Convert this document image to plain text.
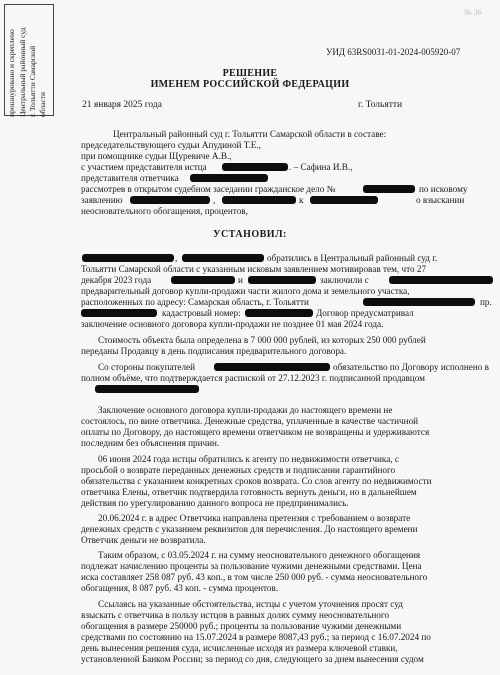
прошнуровано и скреплено Центральный районный суд г. Тольятти Самарской области
№ 36
УИД 63RS0031-01-2024-005920-07
РЕШЕНИЕ
ИМЕНЕМ РОССИЙСКОЙ ФЕДЕРАЦИИ
21 января 2025 года	г. Тольятти
Центральный районный суд г. Тольятти Самарской области в составе:
председательствующего судьи Апудиной Т.Е.,
при помощнике судьи Щуревиче А.В.,
с участием представителя истца	. – Сафина И.В.,
представителя ответчика
рассмотрев в открытом судебном заседании гражданское дело №	по исковому
заявлению	,	к	о взыскании
неосновательного обогащения, процентов,
УСТАНОВИЛ:
,	обратились в Центральный районный суд г.
Тольятти Самарской области с указанным исковым заявлением мотивировав тем, что 27
декабря 2023 года	и	заключили с
предварительный договор купли-продажи части жилого дома и земельного участка,
расположенных по адресу: Самарская область, г. Тольятти	пр.
кадастровый номер:	Договор предусматривал
заключение основного договора купли-продажи не позднее 01 мая 2024 года.
Стоимость объекта была определена в 7 000 000 рублей, из которых 250 000 рублей
переданы Продавцу в день подписания предварительного договора.
Со стороны покупателей	обязательство по Договору исполнено в
полном объёме, что подтверждается распиской от 27.12.2023 г. подписанной продавцом
Заключение основного договора купли-продажи до настоящего времени не
состоялось, по вине ответчика. Денежные средства, уплаченные в качестве частичной
оплаты по Договору, до настоящего времени ответчиком не возвращены и удерживаются
последним без объяснения причин.
06 июня 2024 года истцы обратились к агенту по недвижимости ответчика, с
просьбой о возврате переданных денежных средств и подписании гарантийного
обязательства с указанием конкретных сроков возврата. Со слов агенту по недвижимости
ответчика Елены, ответчик подтвердила готовность вернуть деньги, но в дальнейшем
действия по урегулированию данного вопроса не предпринимались.
20.06.2024 г. в адрес Ответчика направлена претензия с требованием о возврате
денежных средств с указанием реквизитов для перечисления. До настоящего времени
Ответчик деньги не возвратила.
Таким образом, с 03.05.2024 г. на сумму неосновательного денежного обогащения
подлежат начислению проценты за пользование чужими денежными средствами. Цена
иска составляет 258 087 руб. 43 коп., в том числе 250 000 руб. - сумма неосновательного
обогащения, 8 087 руб. 43 коп. - сумма процентов.
Ссылаясь на указанные обстоятельства, истцы с учетом уточнения просят суд
взыскать с ответчика в пользу истцов в равных долях сумму неосновательного
обогащения в размере 250000 руб.; проценты за пользование чужими денежными
средствами по состоянию на 15.07.2024 в размере 8087,43 руб.; за период с 16.07.2024 по
день вынесения решения суда, исчисленные исходя из размера ключевой ставки,
установленной Банком России; за период со дня, следующего за днем вынесения судом
